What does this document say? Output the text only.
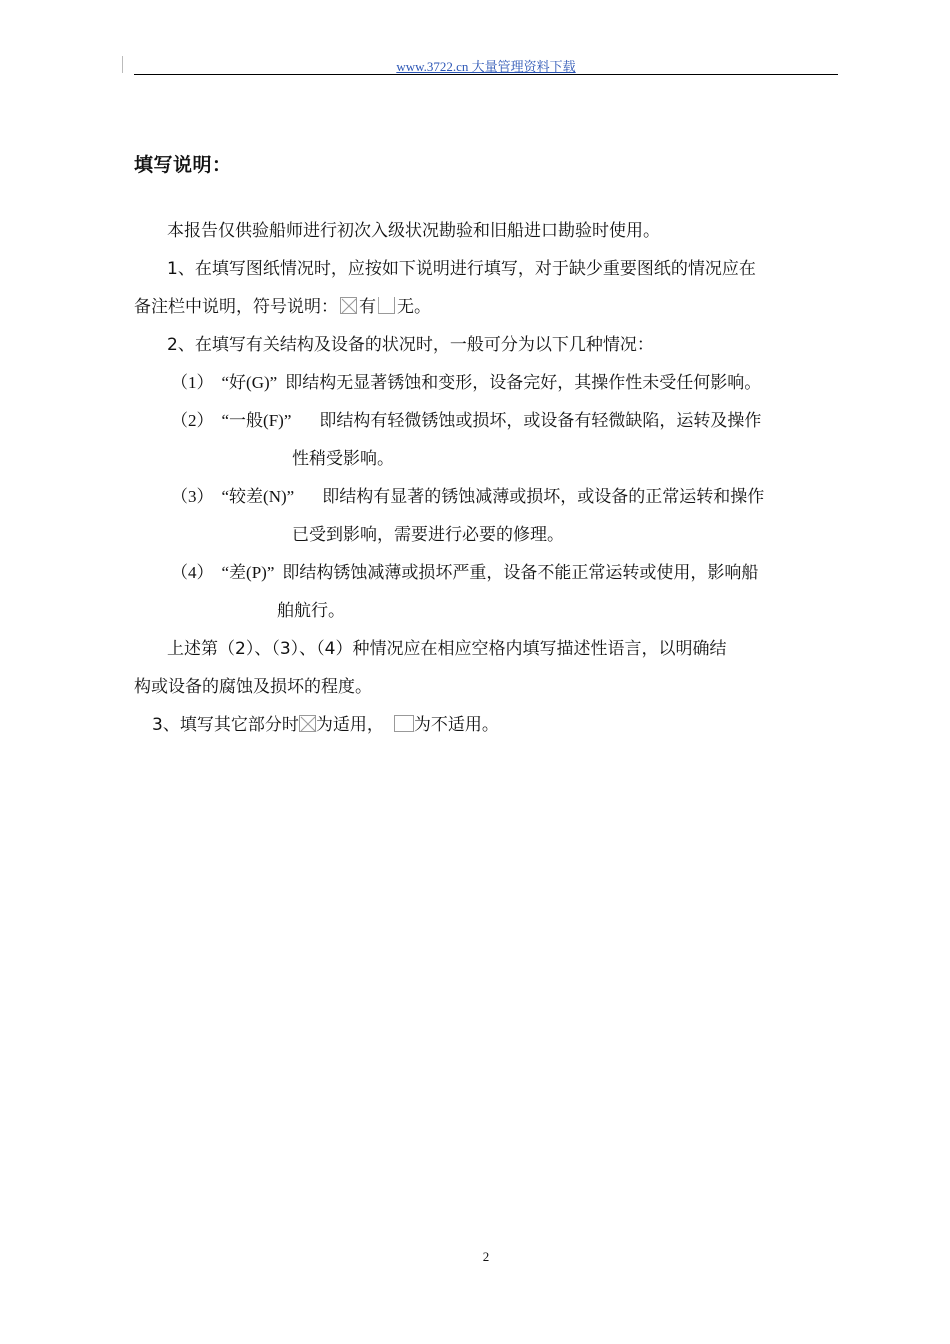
www.3722.cn 大量管理资料下载
填写说明：
本报告仅供验船师进行初次入级状况勘验和旧船进口勘验时使用。
1、在填写图纸情况时，应按如下说明进行填写，对于缺少重要图纸的情况应在
备注栏中说明，符号说明： 有 无。
2、在填写有关结构及设备的状况时，一般可分为以下几种情况：
（1） “好(G)” 即结构无显著锈蚀和变形，设备完好，其操作性未受任何影响。
（2） “一般(F)” 即结构有轻微锈蚀或损坏，或设备有轻微缺陷，运转及操作
性稍受影响。
（3） “较差(N)” 即结构有显著的锈蚀减薄或损坏，或设备的正常运转和操作
已受到影响，需要进行必要的修理。
（4） “差(P)” 即结构锈蚀减薄或损坏严重，设备不能正常运转或使用，影响船
舶航行。
上述第（2）、（3）、（4）种情况应在相应空格内填写描述性语言，以明确结
构或设备的腐蚀及损坏的程度。
3、填写其它部分时 为适用， 为不适用。
2
